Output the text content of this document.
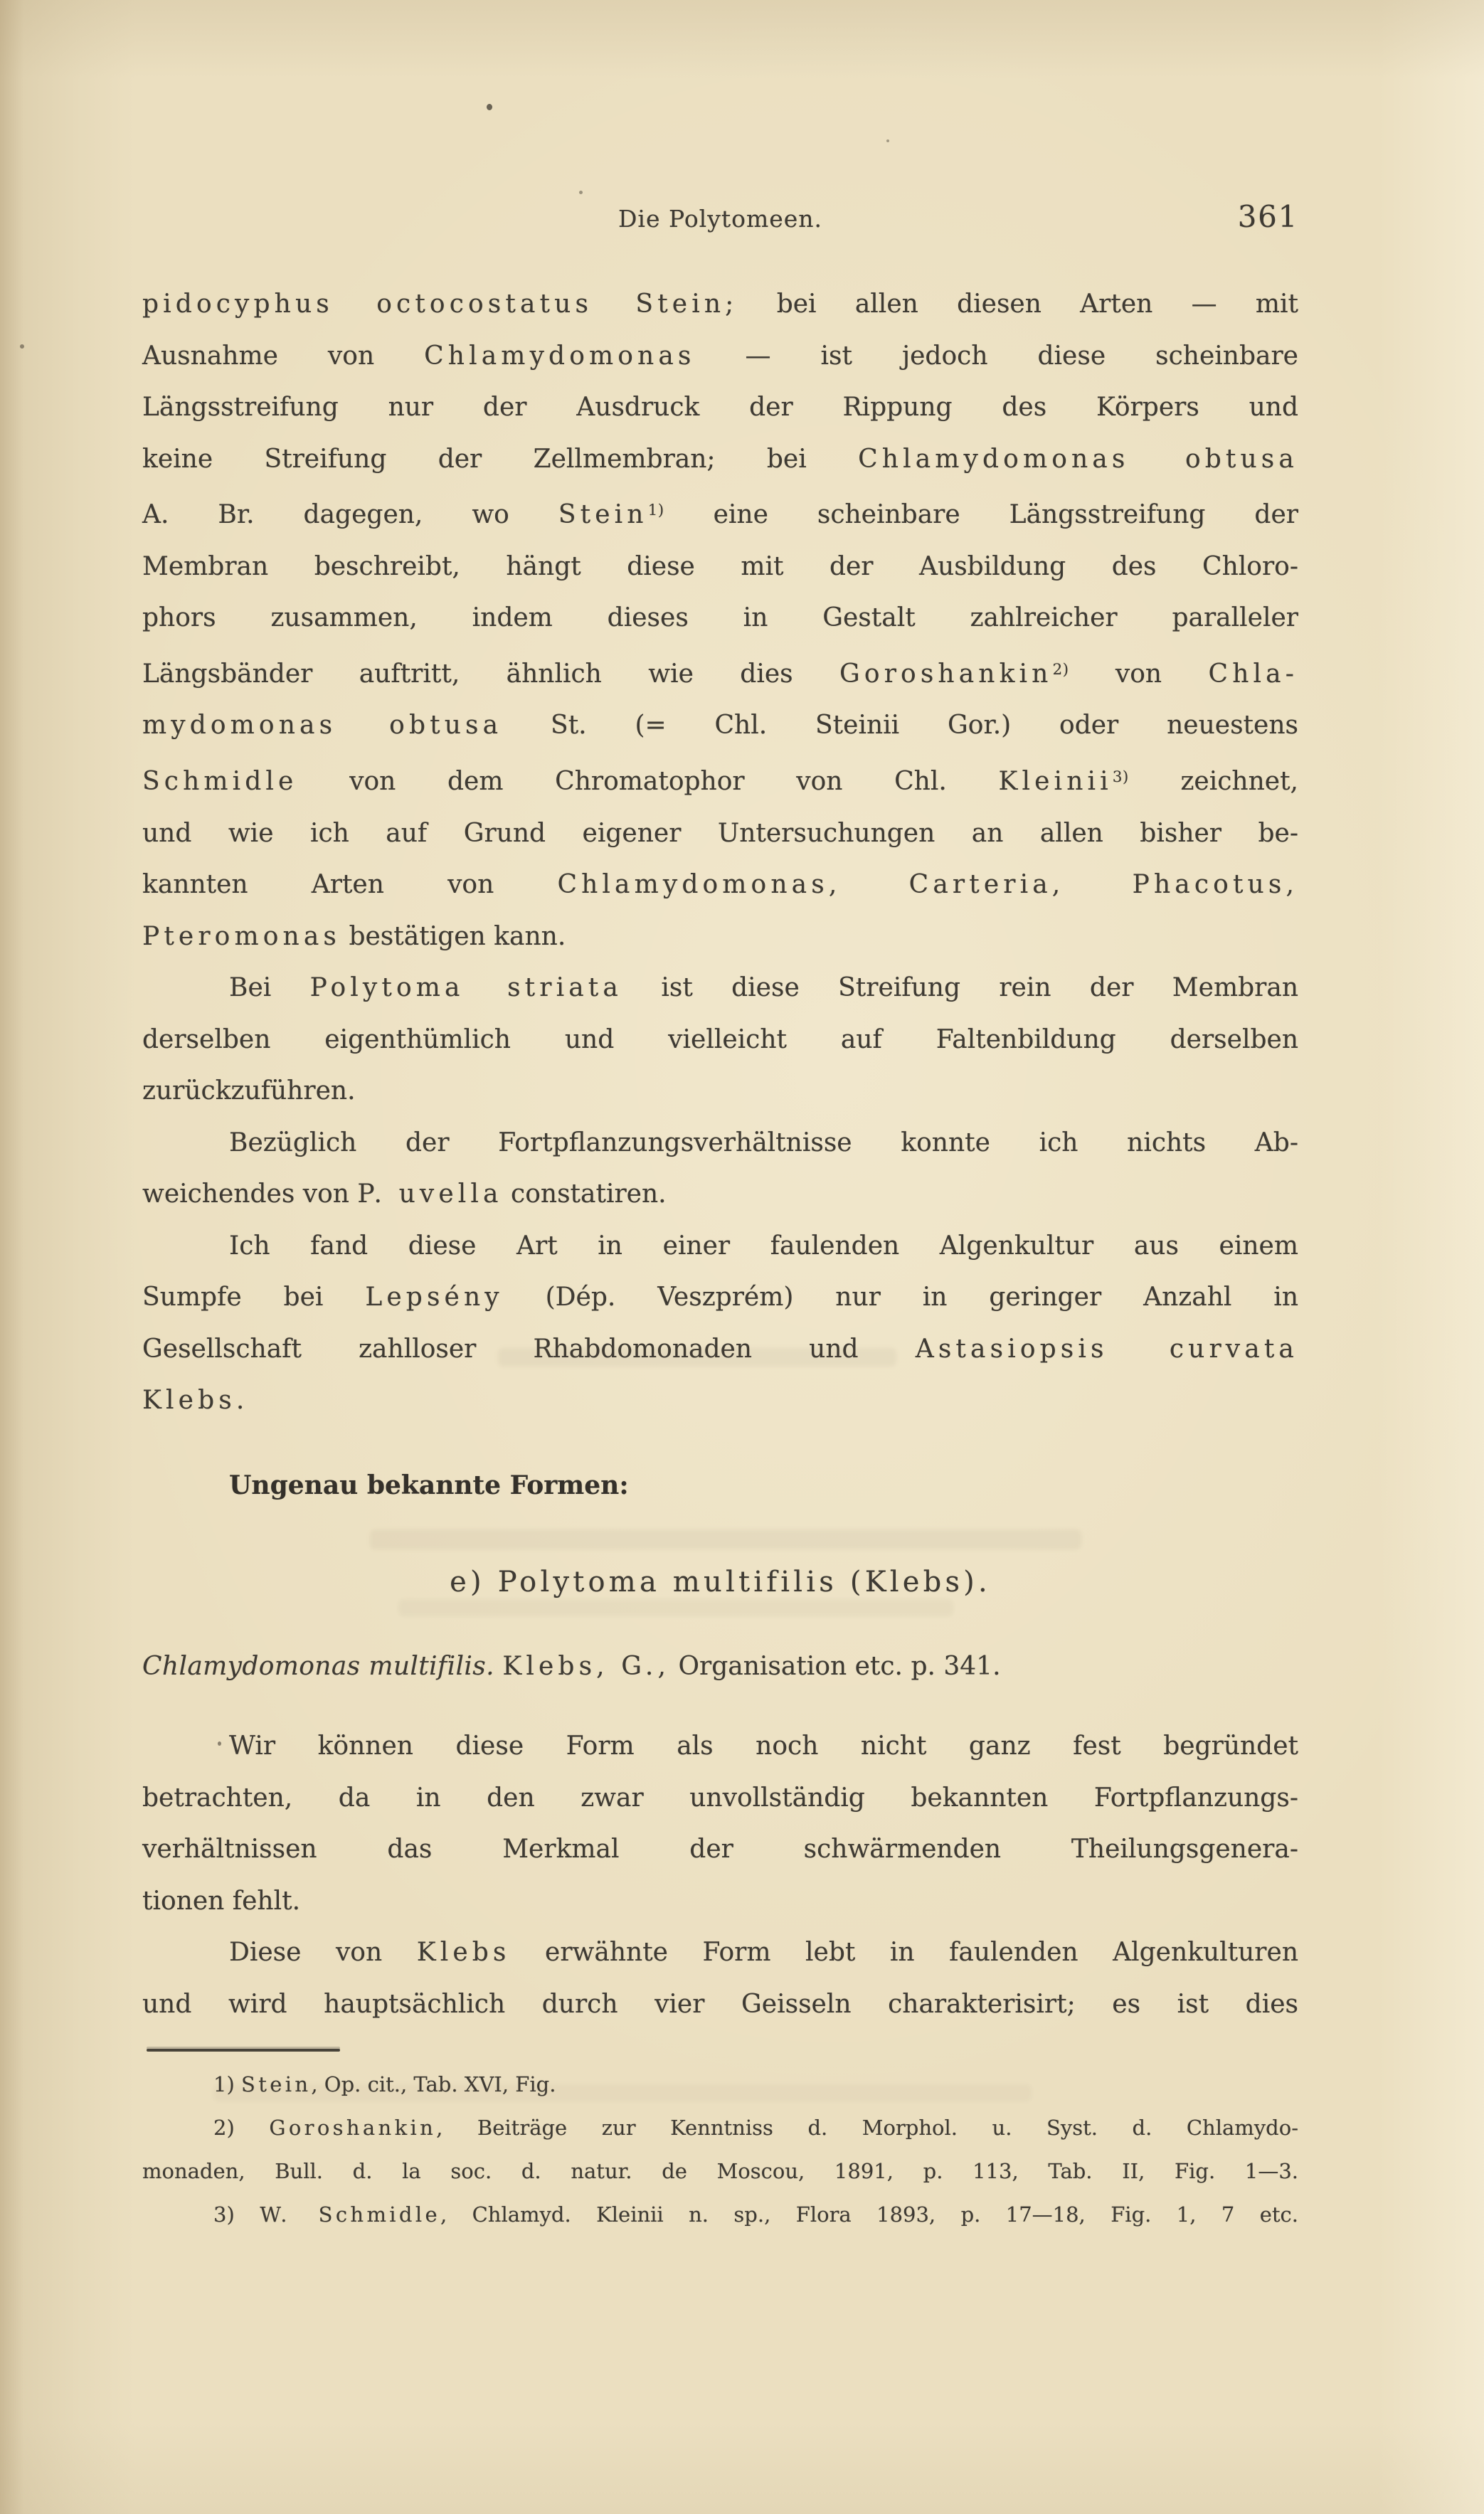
Die Polytomeen.	361
pidocyphus octocostatus Stein; bei allen diesen Arten — mit
Ausnahme von Chlamydomonas — ist jedoch diese scheinbare
Längsstreifung nur der Ausdruck der Rippung des Körpers und
keine Streifung der Zellmembran; bei Chlamydomonas obtusa
A. Br. dagegen, wo Stein$^{1)}$ eine scheinbare Längsstreifung der
Membran beschreibt, hängt diese mit der Ausbildung des Chloro-
phors zusammen, indem dieses in Gestalt zahlreicher paralleler
Längsbänder auftritt, ähnlich wie dies Goroshankin$^{2)}$ von Chla-
mydomonas obtusa St. (= Chl. Steinii Gor.) oder neuestens
Schmidle von dem Chromatophor von Chl. Kleinii$^{3)}$ zeichnet,
und wie ich auf Grund eigener Untersuchungen an allen bisher be-
kannten Arten von Chlamydomonas, Carteria, Phacotus,
Pteromonas bestätigen kann.
Bei Polytoma striata ist diese Streifung rein der Membran
derselben eigenthümlich und vielleicht auf Faltenbildung derselben
zurückzuführen.
Bezüglich der Fortpflanzungsverhältnisse konnte ich nichts Ab-
weichendes von P. uvella constatiren.
Ich fand diese Art in einer faulenden Algenkultur aus einem
Sumpfe bei Lepsény (Dép. Veszprém) nur in geringer Anzahl in
Gesellschaft zahlloser Rhabdomonaden und Astasiopsis curvata
Klebs.
Ungenau bekannte Formen:
e) Polytoma multifilis (Klebs).
Chlamydomonas multifilis. Klebs, G., Organisation etc. p. 341.
Wir können diese Form als noch nicht ganz fest begründet
betrachten, da in den zwar unvollständig bekannten Fortpflanzungs-
verhältnissen das Merkmal der schwärmenden Theilungsgenera-
tionen fehlt.
Diese von Klebs erwähnte Form lebt in faulenden Algenkulturen
und wird hauptsächlich durch vier Geisseln charakterisirt; es ist dies
1) Stein, Op. cit., Tab. XVI, Fig.
2) Goroshankin, Beiträge zur Kenntniss d. Morphol. u. Syst. d. Chlamydo-
monaden, Bull. d. la soc. d. natur. de Moscou, 1891, p. 113, Tab. II, Fig. 1—3.
3) W. Schmidle, Chlamyd. Kleinii n. sp., Flora 1893, p. 17—18, Fig. 1, 7 etc.
